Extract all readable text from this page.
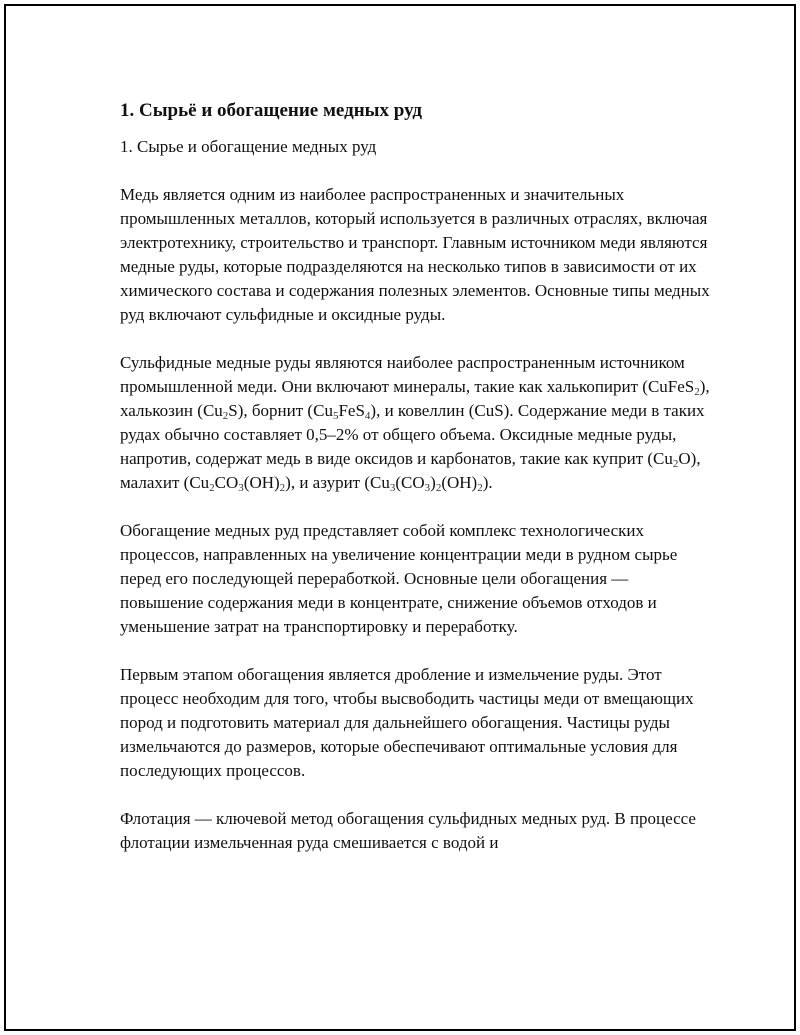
1. Сырьё и обогащение медных руд

1. Сырье и обогащение медных руд

Медь является одним из наиболее распространенных и значительных промышленных металлов, который используется в различных отраслях, включая электротехнику, строительство и транспорт. Главным источником меди являются медные руды, которые подразделяются на несколько типов в зависимости от их химического состава и содержания полезных элементов. Основные типы медных руд включают сульфидные и оксидные руды.

Сульфидные медные руды являются наиболее распространенным источником промышленной меди. Они включают минералы, такие как халькопирит (CuFeS$_2$), халькозин $(Cu_2S)$, борнит $(Cu_5FeS_4)$, и ковеллин (CuS). Содержание меди в таких рудах обычно составляет 0,5–2% от общего объема. Оксидные медные руды, напротив, содержат медь в виде оксидов и карбонатов, такие как куприт $(Cu_2O)$, малахит $(Cu_2CO_3(OH)_2)$, и азурит $(Cu_3(CO_3)_2(OH)_2)$.

Обогащение медных руд представляет собой комплекс технологических процессов, направленных на увеличение концентрации меди в рудном сырье перед его последующей переработкой. Основные цели обогащения — повышение содержания меди в концентрате, снижение объемов отходов и уменьшение затрат на транспортировку и переработку.

Первым этапом обогащения является дробление и измельчение руды. Этот процесс необходим для того, чтобы высвободить частицы меди от вмещающих пород и подготовить материал для дальнейшего обогащения. Частицы руды измельчаются до размеров, которые обеспечивают оптимальные условия для последующих процессов.

Флотация — ключевой метод обогащения сульфидных медных руд. В процессе флотации измельченная руда смешивается с водой и
